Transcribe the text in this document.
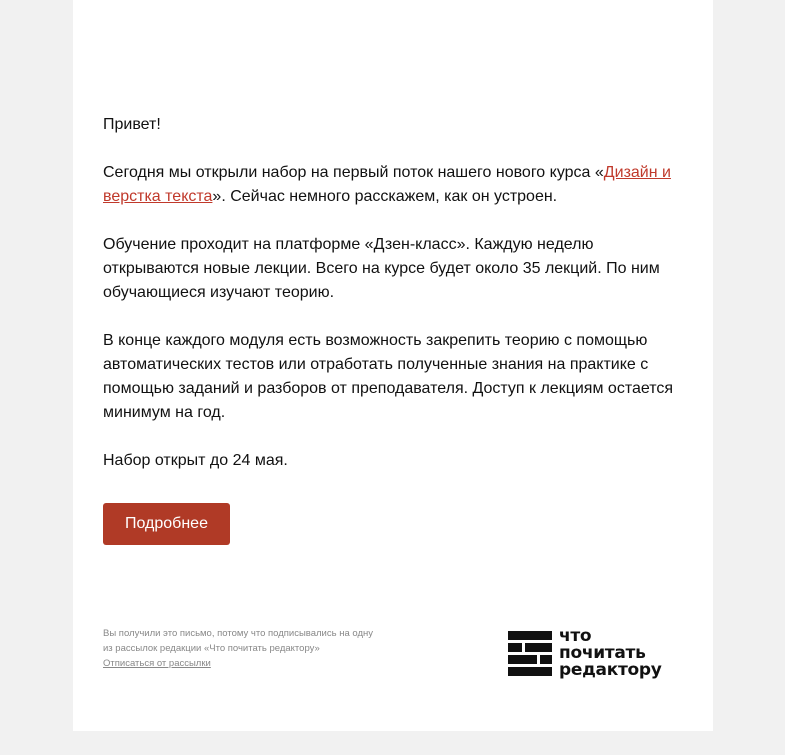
Привет!

Сегодня мы открыли набор на первый поток нашего нового курса «Дизайн и верстка текста». Сейчас немного расскажем, как он устроен.

Обучение проходит на платформе «Дзен-класс». Каждую неделю открываются новые лекции. Всего на курсе будет около 35 лекций. По ним обучающиеся изучают теорию.

В конце каждого модуля есть возможность закрепить теорию с помощью автоматических тестов или отработать полученные знания на практике с помощью заданий и разборов от преподавателя. Доступ к лекциям остается минимум на год.

Набор открыт до 24 мая.

Подробнее
Вы получили это письмо, потому что подписывались на одну из рассылок редакции «Что почитать редактору»
Отписаться от рассылки
что
почитать
редактору
